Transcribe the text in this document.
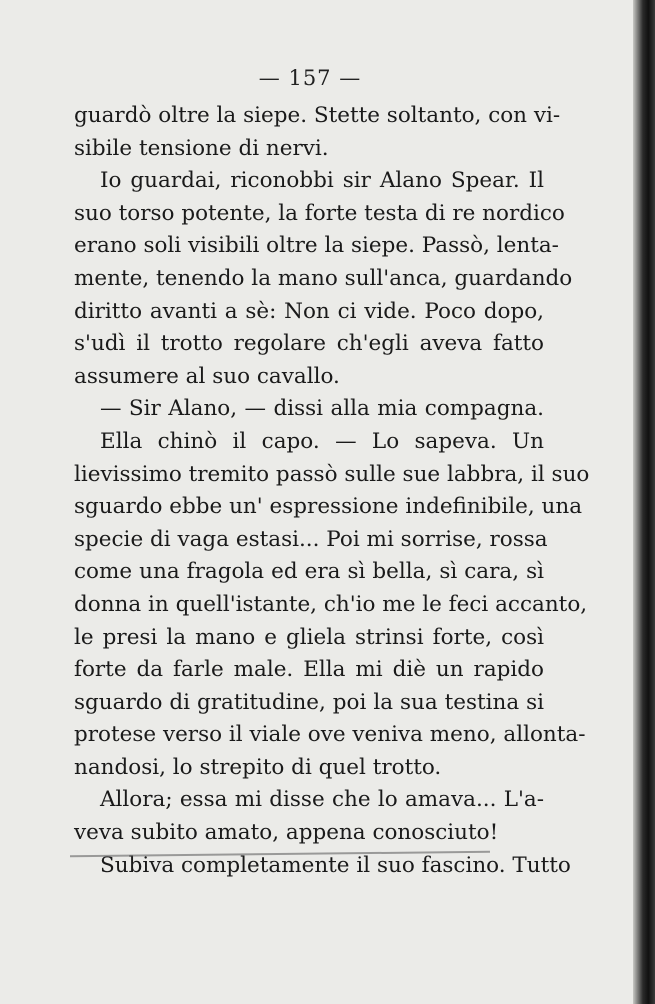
— 157 —
guardò oltre la siepe. Stette soltanto, con vi-
sibile tensione di nervi.
Io guardai, riconobbi sir Alano Spear. Il
suo torso potente, la forte testa di re nordico
erano soli visibili oltre la siepe. Passò, lenta-
mente, tenendo la mano sull'anca, guardando
diritto avanti a sè: Non ci vide. Poco dopo,
s'udì il trotto regolare ch'egli aveva fatto
assumere al suo cavallo.
— Sir Alano, — dissi alla mia compagna.
Ella chinò il capo. — Lo sapeva. Un
lievissimo tremito passò sulle sue labbra, il suo
sguardo ebbe un' espressione indefinibile, una
specie di vaga estasi... Poi mi sorrise, rossa
come una fragola ed era sì bella, sì cara, sì
donna in quell'istante, ch'io me le feci accanto,
le presi la mano e gliela strinsi forte, così
forte da farle male. Ella mi diè un rapido
sguardo di gratitudine, poi la sua testina si
protese verso il viale ove veniva meno, allonta-
nandosi, lo strepito di quel trotto.
Allora; essa mi disse che lo amava... L'a-
veva subito amato, appena conosciuto!
Subiva completamente il suo fascino. Tutto
